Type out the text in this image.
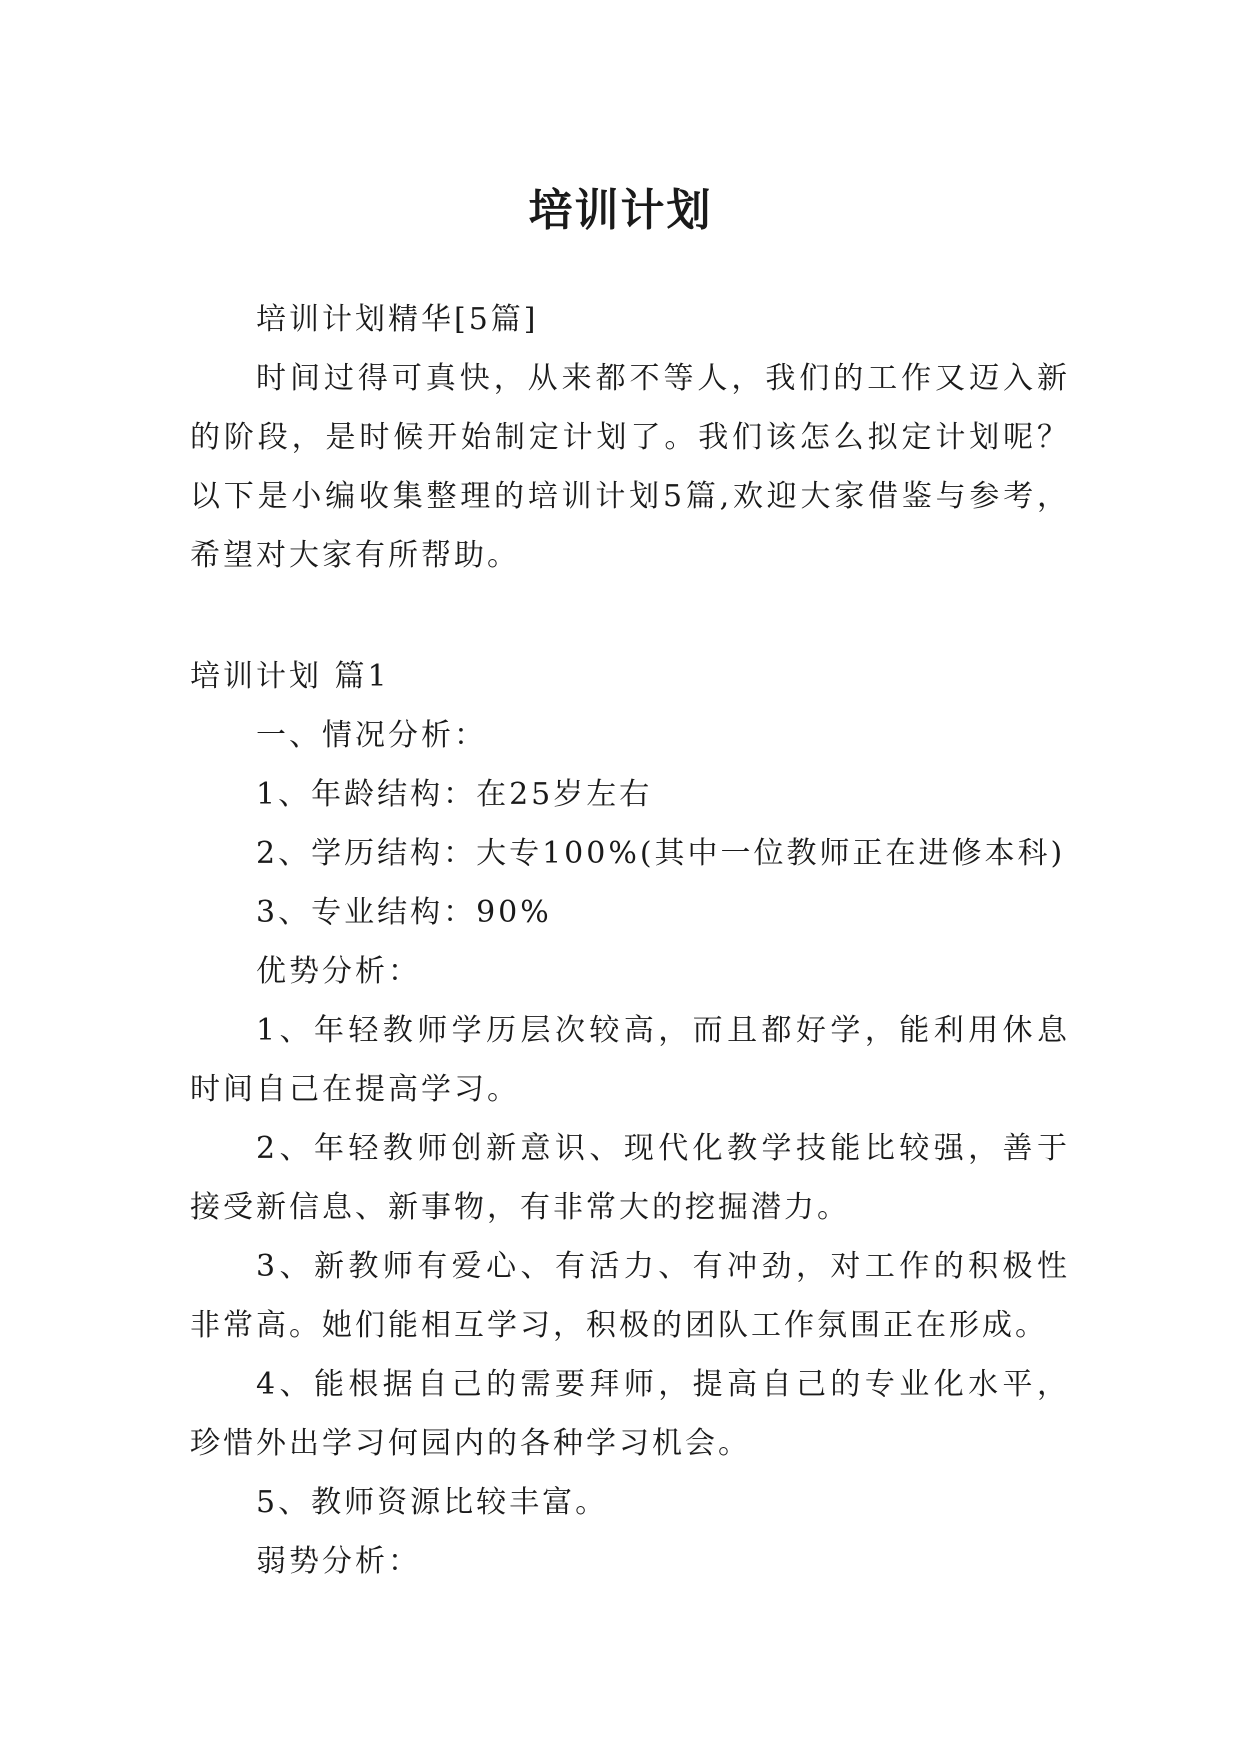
培训计划

培训计划精华[5篇]

时间过得可真快，从来都不等人，我们的工作又迈入新的阶段，是时候开始制定计划了。我们该怎么拟定计划呢？以下是小编收集整理的培训计划5篇,欢迎大家借鉴与参考，希望对大家有所帮助。

培训计划 篇1

一、情况分析：

1、年龄结构：在25岁左右

2、学历结构：大专100%(其中一位教师正在进修本科)

3、专业结构：90%

优势分析：

1、年轻教师学历层次较高，而且都好学，能利用休息时间自己在提高学习。

2、年轻教师创新意识、现代化教学技能比较强，善于接受新信息、新事物，有非常大的挖掘潜力。

3、新教师有爱心、有活力、有冲劲，对工作的积极性非常高。她们能相互学习，积极的团队工作氛围正在形成。

4、能根据自己的需要拜师，提高自己的专业化水平，珍惜外出学习何园内的各种学习机会。

5、教师资源比较丰富。

弱势分析：
